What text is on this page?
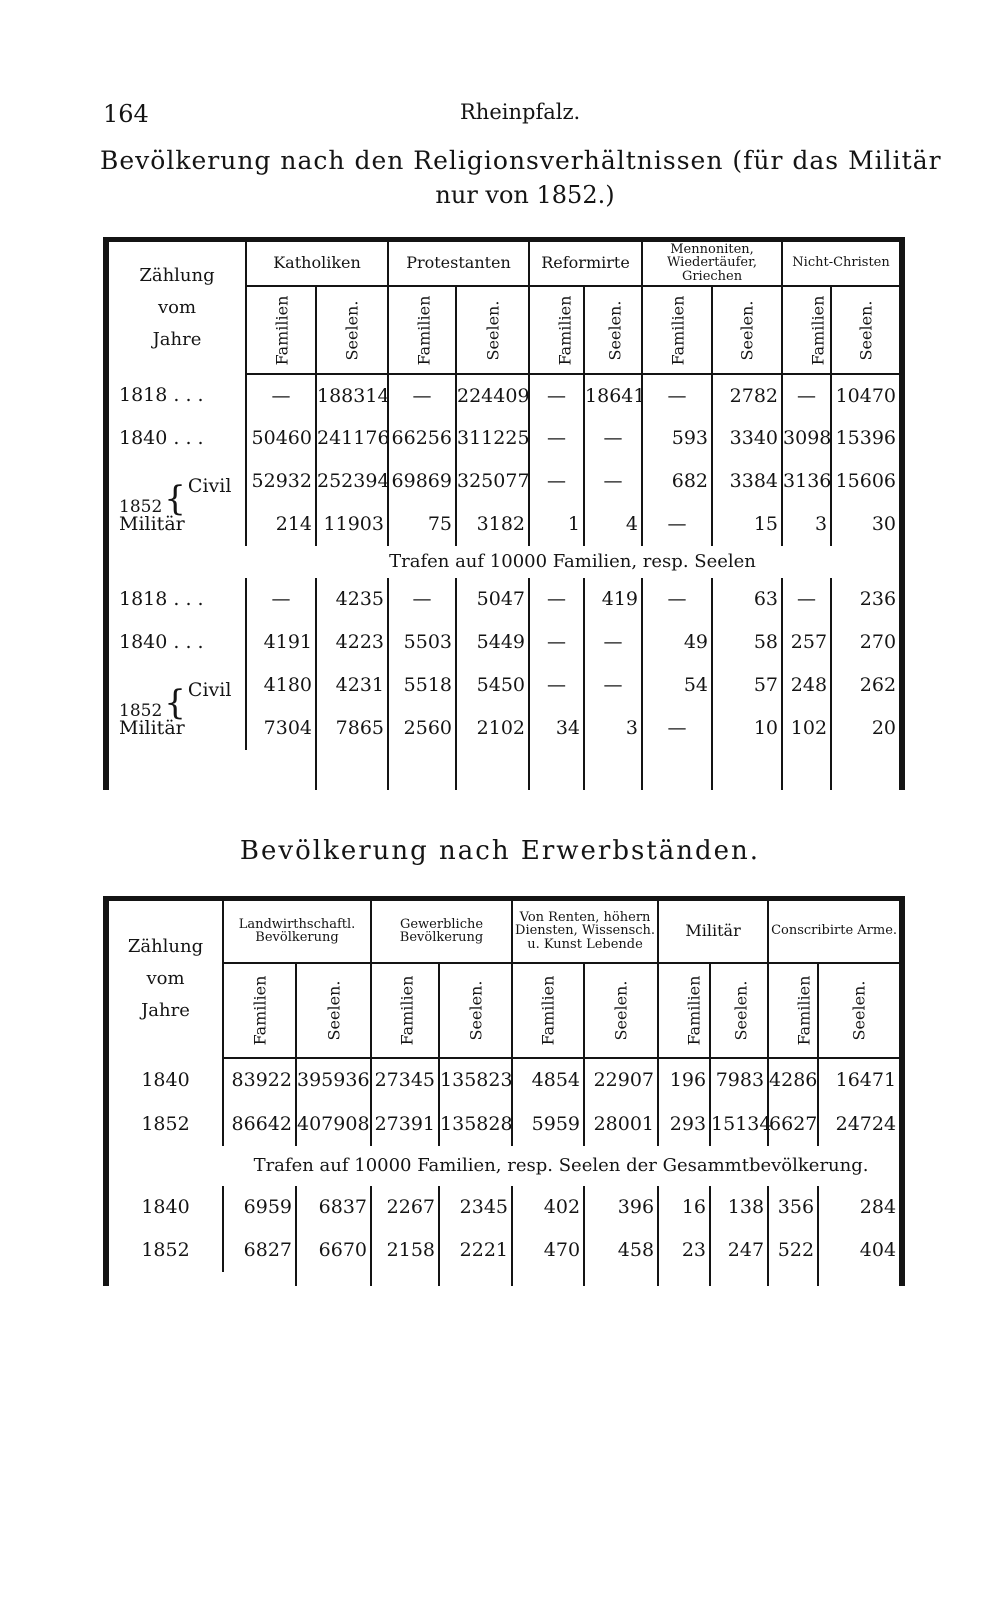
164	Rheinpfalz.
Bevölkerung nach den Religionsverhältnissen (für das Militär
nur von 1852.)
Zählung
vom
Jahre	Katholiken		Protestanten		Reformirte		Mennoniten, Wiedertäufer, Griechen		Nicht-Christen	
	Familien	Seelen.	Familien	Seelen.	Familien	Seelen.	Familien	Seelen.	Familien	Seelen.
1818 . . .	—	188314	—	224409	—	18641	—	2782	—	10470
1840 . . .	50460	241176	66256	311225	—	—	593	3340	3098	15396
1852{ Civil	52932	252394	69869	325077	—	—	682	3384	3136	15606
Militär	214	11903	75	3182	1	4	—	15	3	30
	Trafen auf 10000 Familien, resp. Seelen									
1818 . . .	—	4235	—	5047	—	419	—	63	—	236
1840 . . .	4191	4223	5503	5449	—	—	49	58	257	270
1852{ Civil	4180	4231	5518	5450	—	—	54	57	248	262
Militär	7304	7865	2560	2102	34	3	—	10	102	20

Bevölkerung nach Erwerbständen.
Zählung
vom
Jahre	Landwirthschaftl. Bevölkerung		Gewerbliche Bevölkerung		Von Renten, höhern Diensten, Wissensch. u. Kunst Lebende		Militär		Conscribirte Arme.	
	Familien	Seelen.	Familien	Seelen.	Familien	Seelen.	Familien	Seelen.	Familien	Seelen.
1840	83922	395936	27345	135823	4854	22907	196	7983	4286	16471
1852	86642	407908	27391	135828	5959	28001	293	15134	6627	24724
	Trafen auf 10000 Familien, resp. Seelen der Gesammtbevölkerung.									
1840	6959	6837	2267	2345	402	396	16	138	356	284
1852	6827	6670	2158	2221	470	458	23	247	522	404
